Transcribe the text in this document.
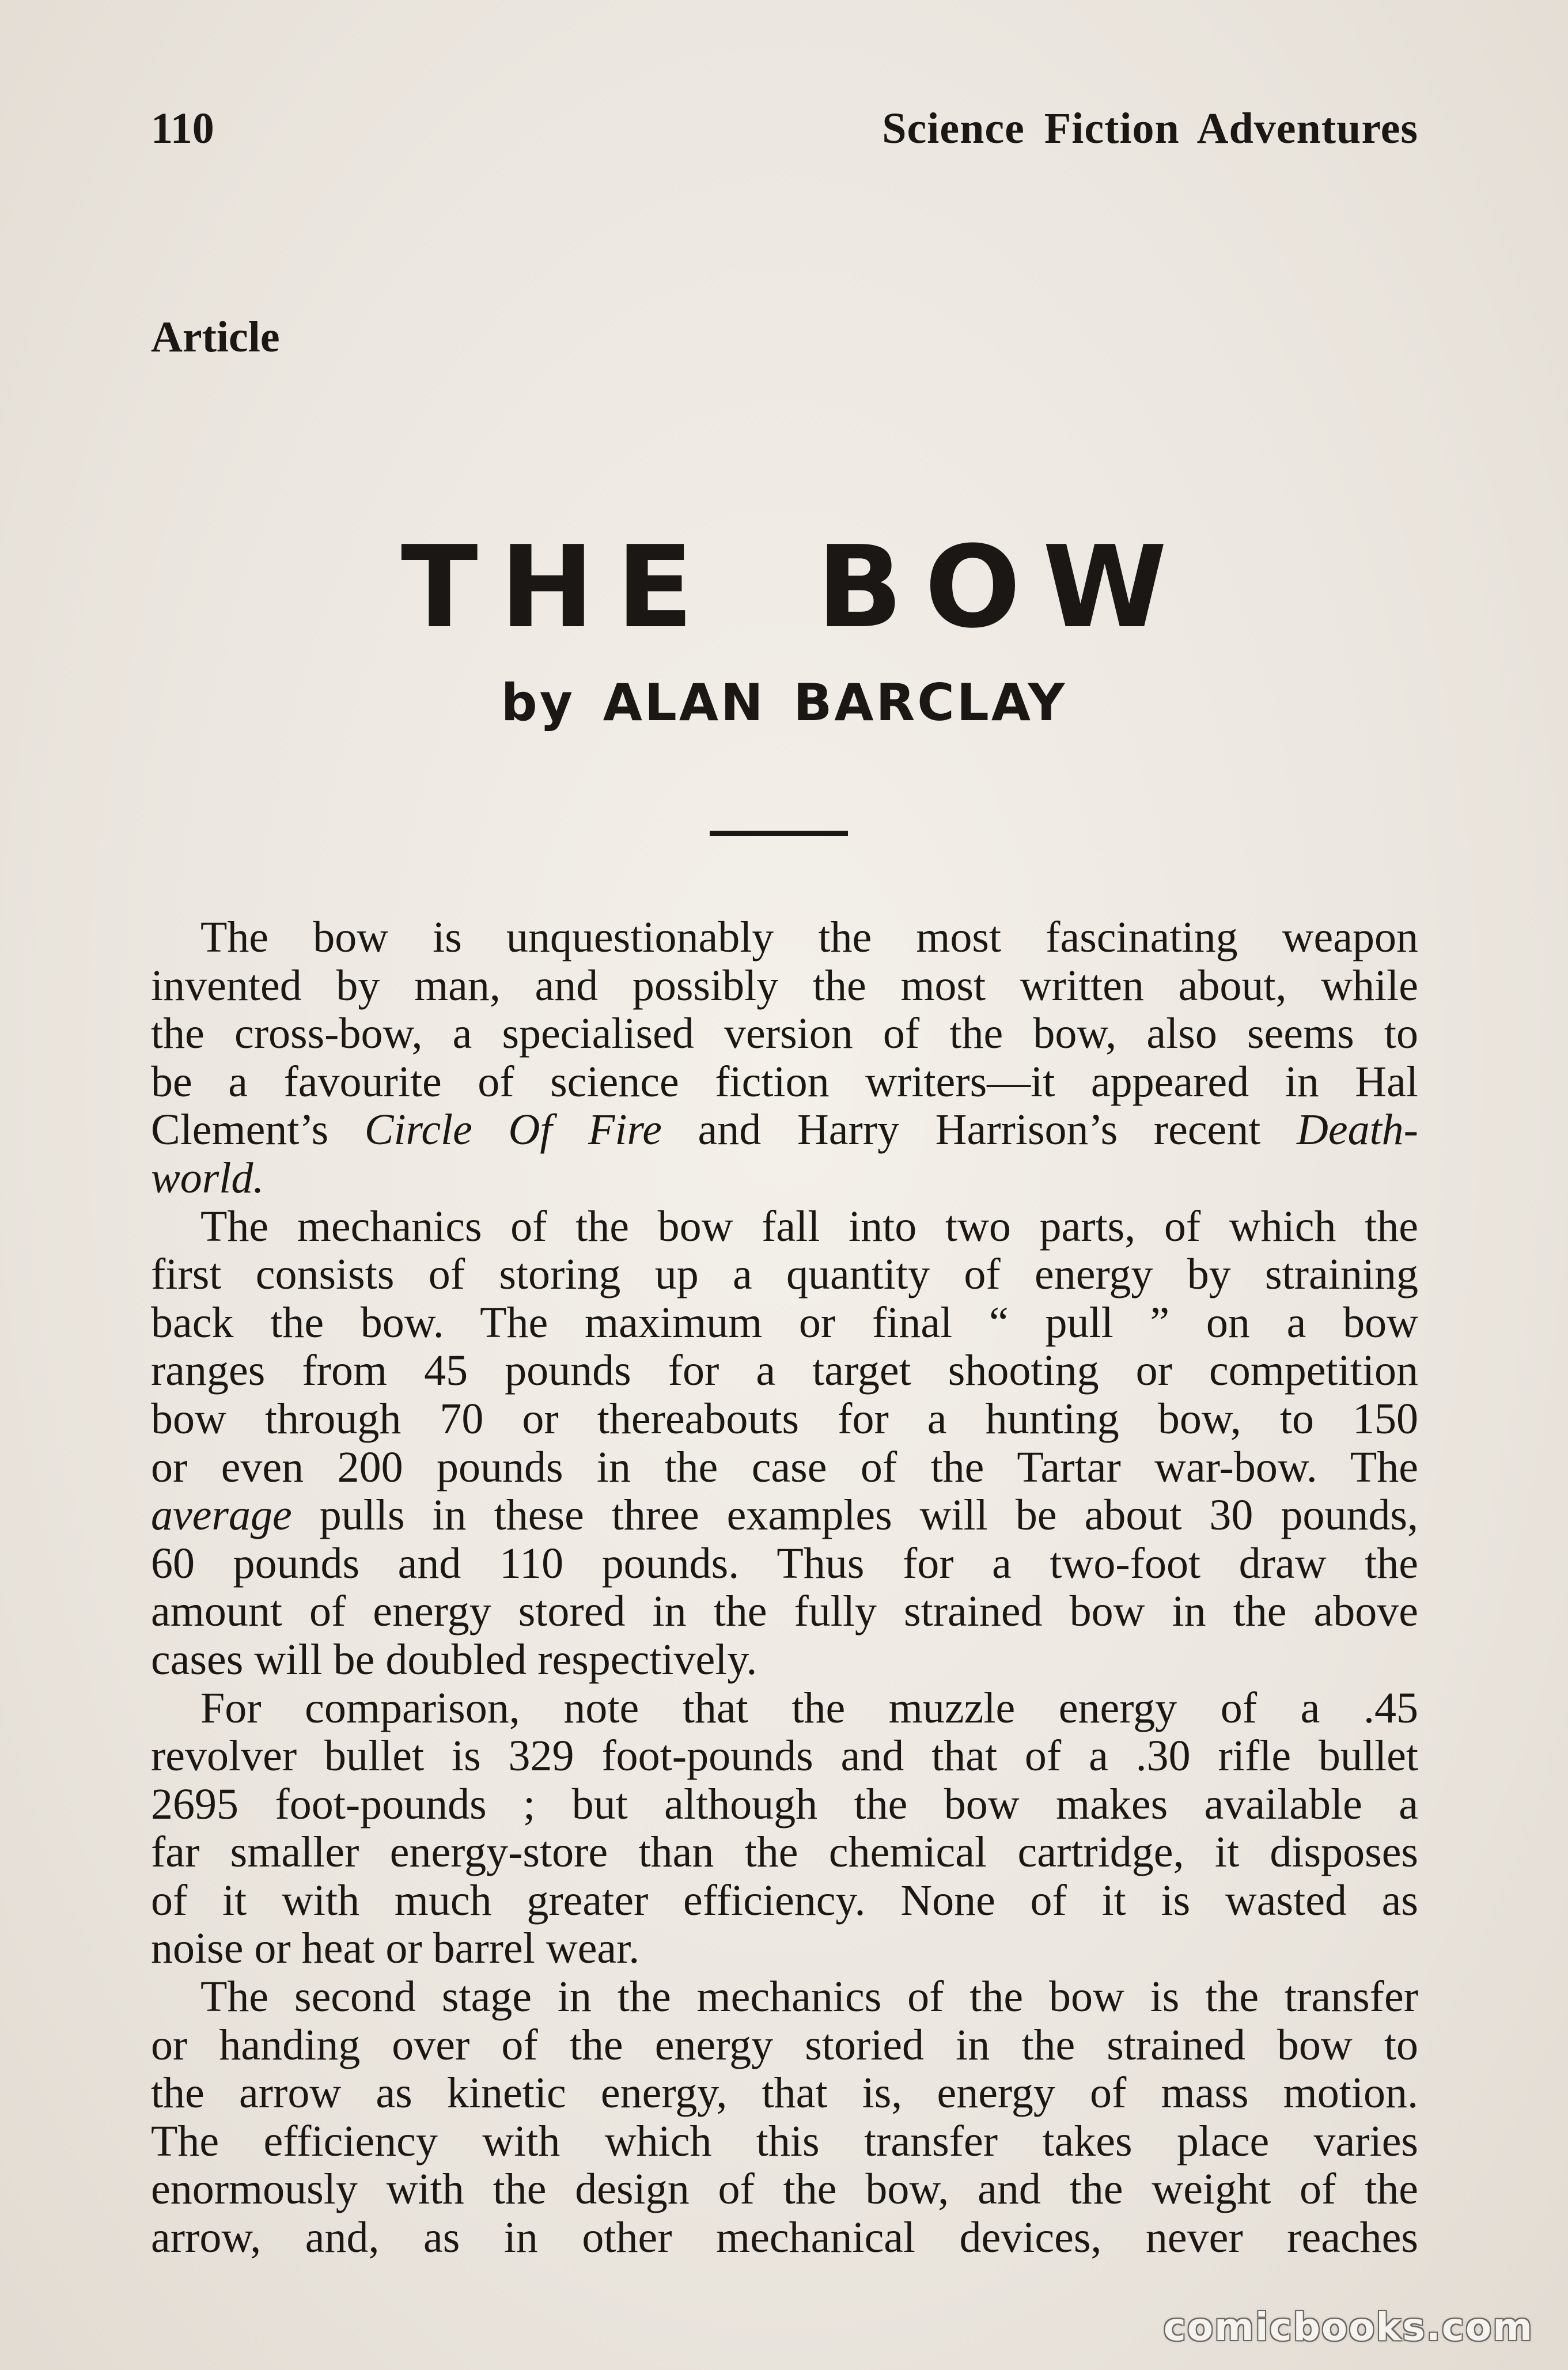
110	Science Fiction Adventures
Article
THE BOW
by ALAN BARCLAY
The bow is unquestionably the most fascinating weapon
invented by man, and possibly the most written about, while
the cross-bow, a specialised version of the bow, also seems to
be a favourite of science fiction writers—it appeared in Hal
Clement’s Circle Of Fire and Harry Harrison’s recent Death-
world.
The mechanics of the bow fall into two parts, of which the
first consists of storing up a quantity of energy by straining
back the bow. The maximum or final “ pull ” on a bow
ranges from 45 pounds for a target shooting or competition
bow through 70 or thereabouts for a hunting bow, to 150
or even 200 pounds in the case of the Tartar war-bow. The
average pulls in these three examples will be about 30 pounds,
60 pounds and 110 pounds. Thus for a two-foot draw the
amount of energy stored in the fully strained bow in the above
cases will be doubled respectively.
For comparison, note that the muzzle energy of a .45
revolver bullet is 329 foot-pounds and that of a .30 rifle bullet
2695 foot-pounds ; but although the bow makes available a
far smaller energy-store than the chemical cartridge, it disposes
of it with much greater efficiency. None of it is wasted as
noise or heat or barrel wear.
The second stage in the mechanics of the bow is the transfer
or handing over of the energy storied in the strained bow to
the arrow as kinetic energy, that is, energy of mass motion.
The efficiency with which this transfer takes place varies
enormously with the design of the bow, and the weight of the
arrow, and, as in other mechanical devices, never reaches
comicbooks.com
